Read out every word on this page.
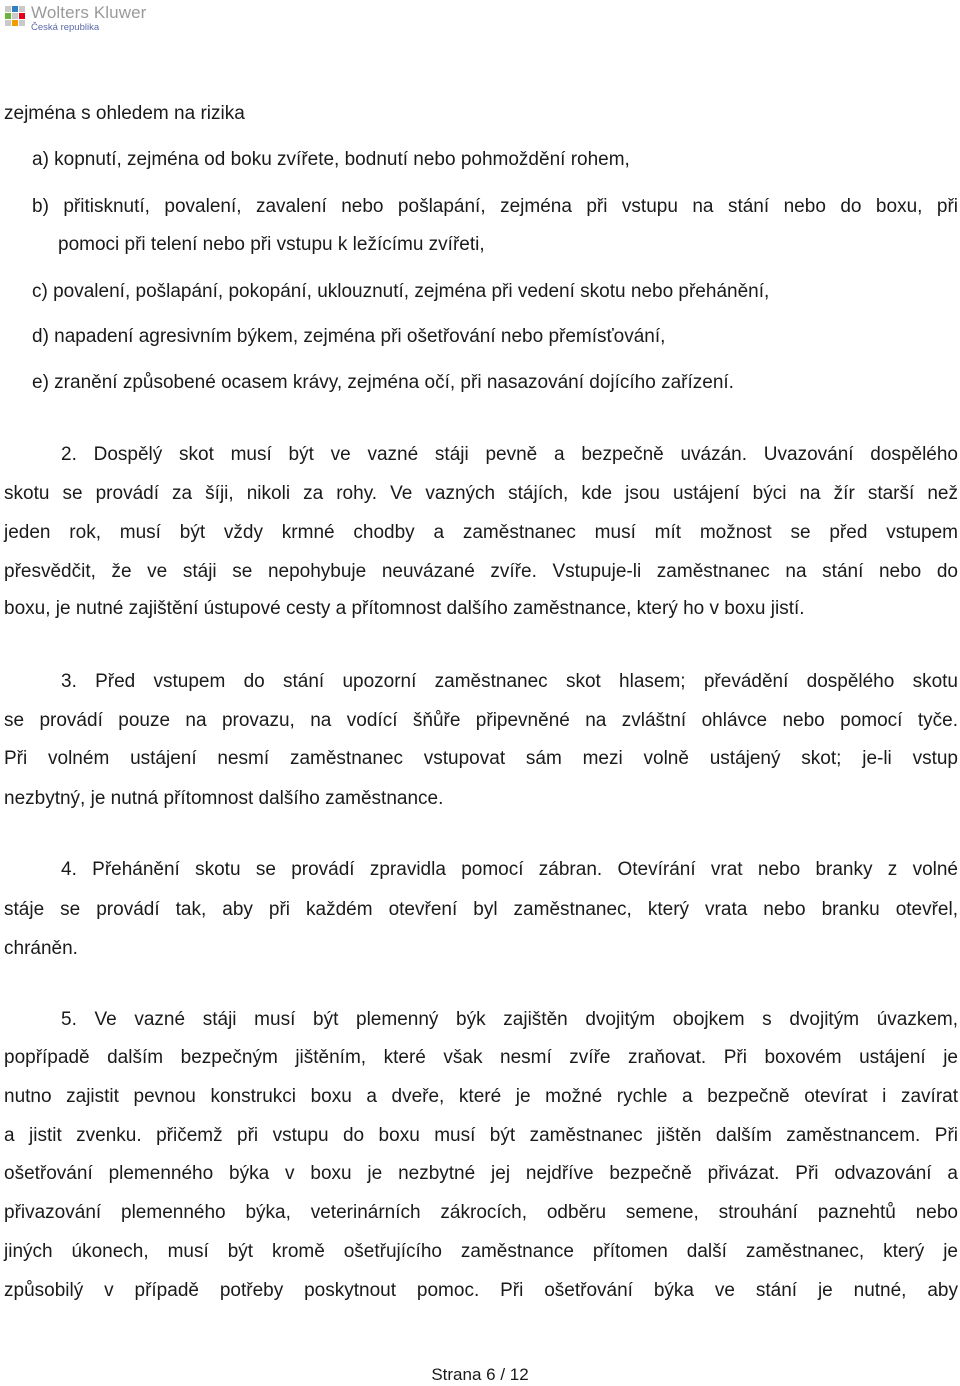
Wolters Kluwer
Česká republika
zejména s ohledem na rizika
a) kopnutí, zejména od boku zvířete, bodnutí nebo pohmoždění rohem,
b) přitisknutí, povalení, zavalení nebo pošlapání, zejména při vstupu na stání nebo do boxu, při
pomoci při telení nebo při vstupu k ležícímu zvířeti,
c) povalení, pošlapání, pokopání, uklouznutí, zejména při vedení skotu nebo přehánění,
d) napadení agresivním býkem, zejména při ošetřování nebo přemísťování,
e) zranění způsobené ocasem krávy, zejména očí, při nasazování dojícího zařízení.
2. Dospělý skot musí být ve vazné stáji pevně a bezpečně uvázán. Uvazování dospělého
skotu se provádí za šíji, nikoli za rohy. Ve vazných stájích, kde jsou ustájení býci na žír starší než
jeden rok, musí být vždy krmné chodby a zaměstnanec musí mít možnost se před vstupem
přesvědčit, že ve stáji se nepohybuje neuvázané zvíře. Vstupuje-li zaměstnanec na stání nebo do
boxu, je nutné zajištění ústupové cesty a přítomnost dalšího zaměstnance, který ho v boxu jistí.
3. Před vstupem do stání upozorní zaměstnanec skot hlasem; převádění dospělého skotu
se provádí pouze na provazu, na vodící šňůře připevněné na zvláštní ohlávce nebo pomocí tyče.
Při volném ustájení nesmí zaměstnanec vstupovat sám mezi volně ustájený skot; je-li vstup
nezbytný, je nutná přítomnost dalšího zaměstnance.
4. Přehánění skotu se provádí zpravidla pomocí zábran. Otevírání vrat nebo branky z volné
stáje se provádí tak, aby při každém otevření byl zaměstnanec, který vrata nebo branku otevřel,
chráněn.
5. Ve vazné stáji musí být plemenný býk zajištěn dvojitým obojkem s dvojitým úvazkem,
popřípadě dalším bezpečným jištěním, které však nesmí zvíře zraňovat. Při boxovém ustájení je
nutno zajistit pevnou konstrukci boxu a dveře, které je možné rychle a bezpečně otevírat i zavírat
a jistit zvenku. přičemž při vstupu do boxu musí být zaměstnanec jištěn dalším zaměstnancem. Při
ošetřování plemenného býka v boxu je nezbytné jej nejdříve bezpečně přivázat. Při odvazování a
přivazování plemenného býka, veterinárních zákrocích, odběru semene, strouhání paznehtů nebo
jiných úkonech, musí být kromě ošetřujícího zaměstnance přítomen další zaměstnanec, který je
způsobilý v případě potřeby poskytnout pomoc. Při ošetřování býka ve stání je nutné, aby
Strana 6 / 12
